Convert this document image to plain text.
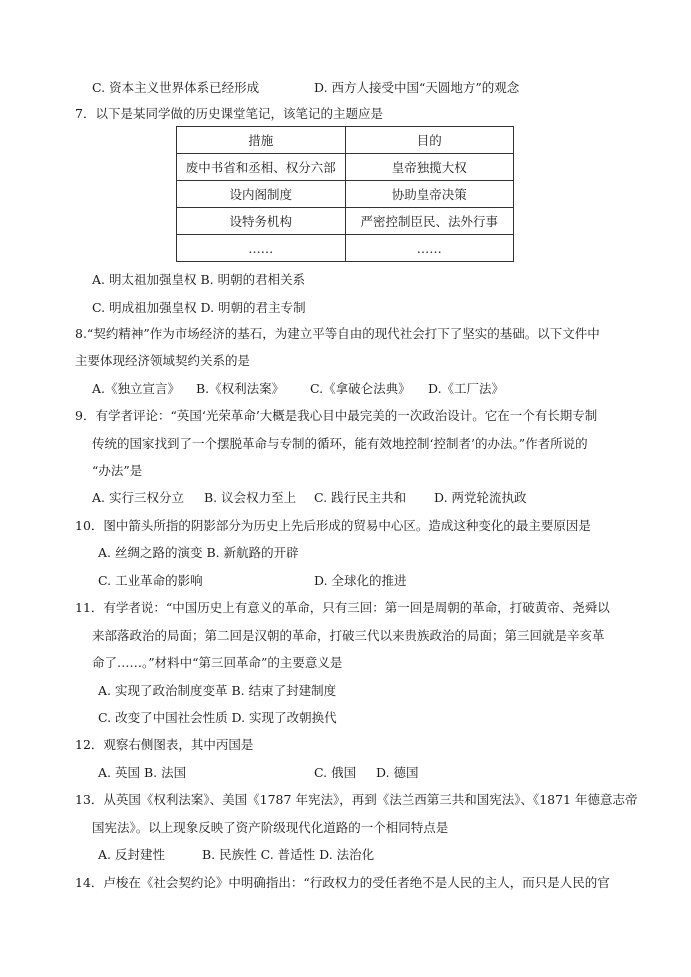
C. 资本主义世界体系已经形成	D. 西方人接受中国“天圆地方”的观念
7．以下是某同学做的历史课堂笔记，该笔记的主题应是
措施	目的
废中书省和丞相、权分六部	皇帝独揽大权
设内阁制度	协助皇帝决策
设特务机构	严密控制臣民、法外行事
……	……
A. 明太祖加强皇权 B. 明朝的君相关系
C. 明成祖加强皇权 D. 明朝的君主专制
8.“契约精神”作为市场经济的基石，为建立平等自由的现代社会打下了坚实的基础。以下文件中
主要体现经济领域契约关系的是
A.《独立宣言》 B.《权利法案》 C.《拿破仑法典》 D.《工厂法》
9．有学者评论：“英国‘光荣革命’大概是我心目中最完美的一次政治设计。它在一个有长期专制
传统的国家找到了一个摆脱革命与专制的循环，能有效地控制‘控制者’的办法。”作者所说的
“办法”是
A. 实行三权分立 B. 议会权力至上 C. 践行民主共和 D. 两党轮流执政
10．图中箭头所指的阴影部分为历史上先后形成的贸易中心区。造成这种变化的最主要原因是
A. 丝绸之路的演变 B. 新航路的开辟
C. 工业革命的影响	D. 全球化的推进
11．有学者说：“中国历史上有意义的革命，只有三回：第一回是周朝的革命，打破黄帝、尧舜以
来部落政治的局面；第二回是汉朝的革命，打破三代以来贵族政治的局面；第三回就是辛亥革
命了……。”材料中“第三回革命”的主要意义是
A. 实现了政治制度变革 B. 结束了封建制度
C. 改变了中国社会性质 D. 实现了改朝换代
12．观察右侧图表，其中丙国是
A. 英国 B. 法国	C. 俄国 D. 德国
13．从英国《权利法案》、美国《1787 年宪法》，再到《法兰西第三共和国宪法》、《1871 年德意志帝
国宪法》。以上现象反映了资产阶级现代化道路的一个相同特点是
A. 反封建性	B. 民族性 C. 普适性 D. 法治化
14．卢梭在《社会契约论》中明确指出：“行政权力的受任者绝不是人民的主人，而只是人民的官
